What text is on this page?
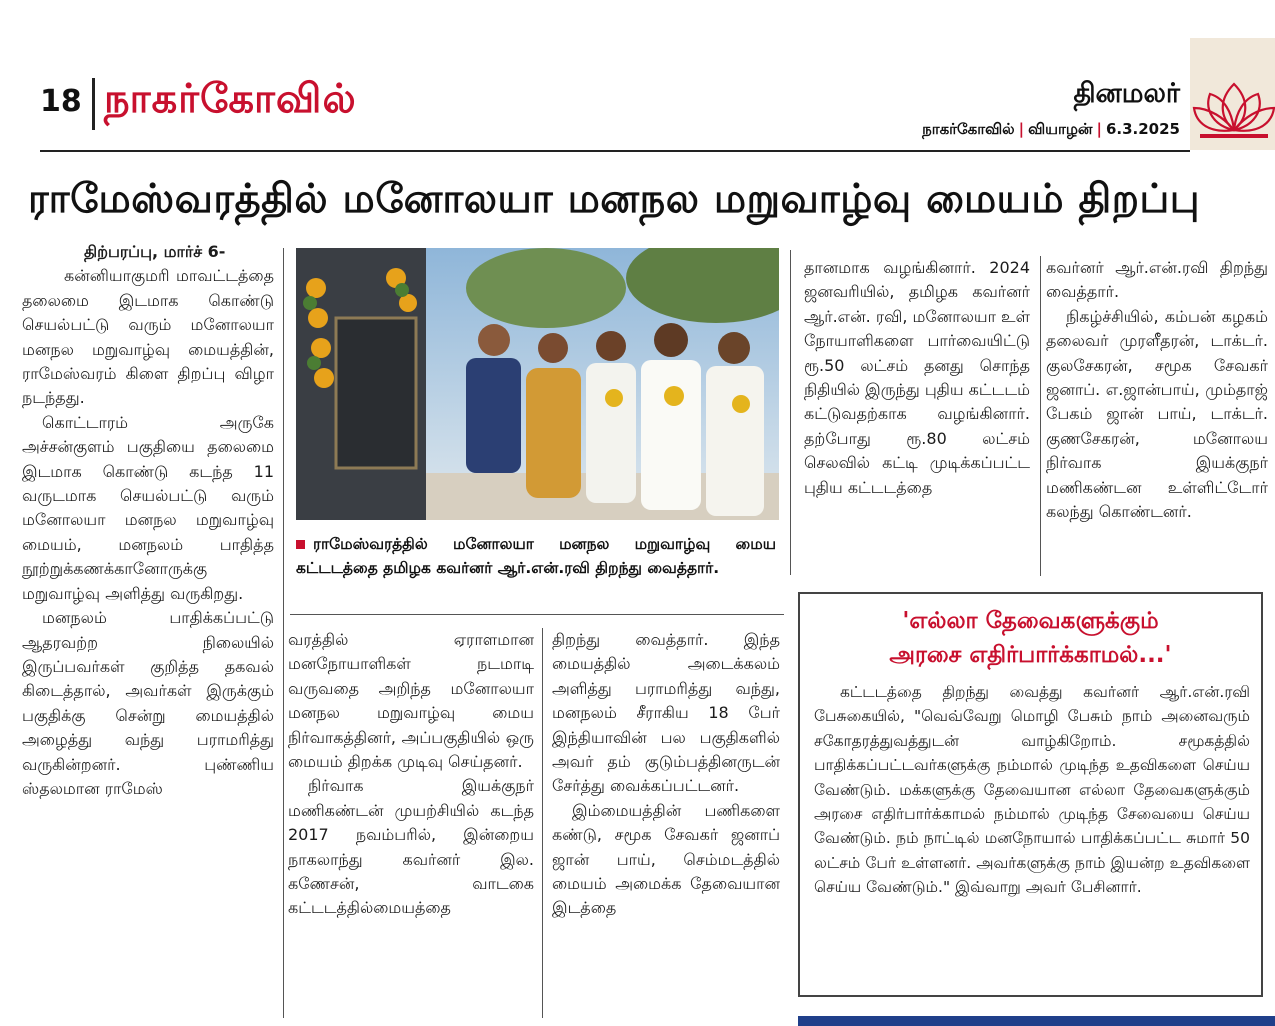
18 நாகர்கோவில்	தினமலர்
நாகர்கோவில் | வியாழன் | 6.3.2025
ராமேஸ்வரத்தில் மனோலயா மனநல மறுவாழ்வு மையம் திறப்பு

திற்பரப்பு, மார்ச் 6-

கன்னியாகுமரி மாவட்டத்தை தலைமை இடமாக கொண்டு செயல்பட்டு வரும் மனோலயா மனநல மறுவாழ்வு மையத்தின், ராமேஸ்வரம் கிளை திறப்பு விழா நடந்தது.

கொட்டாரம் அருகே அச்சன்குளம் பகுதியை தலைமை இடமாக கொண்டு கடந்த 11 வருடமாக செயல்பட்டு வரும் மனோலயா மனநல மறுவாழ்வு மையம், மனநலம் பாதித்த நூற்றுக்கணக்கானோருக்கு மறுவாழ்வு அளித்து வருகிறது.

மனநலம் பாதிக்கப்பட்டு ஆதரவற்ற நிலையில் இருப்பவர்கள் குறித்த தகவல் கிடைத்தால், அவர்கள் இருக்கும் பகுதிக்கு சென்று மையத்தில் அழைத்து வந்து பராமரித்து வருகின்றனர். புண்ணிய ஸ்தலமான ராமேஸ்

ராமேஸ்வரத்தில் மனோலயா மனநல மறுவாழ்வு மைய கட்டடத்தை தமிழக கவர்னர் ஆர்.என்.ரவி திறந்து வைத்தார்.

வரத்தில் ஏராளமான மனநோயாளிகள் நடமாடி வருவதை அறிந்த மனோலயா மனநல மறுவாழ்வு மைய நிர்வாகத்தினர், அப்பகுதியில் ஒரு மையம் திறக்க முடிவு செய்தனர்.

நிர்வாக இயக்குநர் மணிகண்டன் முயற்சியில் கடந்த 2017 நவம்பரில், இன்றைய நாகலாந்து கவர்னர் இல. கணேசன், வாடகை கட்டடத்தில்மையத்தை

திறந்து வைத்தார். இந்த மையத்தில் அடைக்கலம் அளித்து பராமரித்து வந்து, மனநலம் சீராகிய 18 பேர் இந்தியாவின் பல பகுதிகளில் அவர் தம் குடும்பத்தினருடன் சேர்த்து வைக்கப்பட்டனர்.

இம்மையத்தின் பணிகளை கண்டு, சமூக சேவகர் ஜனாப் ஜான் பாய், செம்மடத்தில் மையம் அமைக்க தேவையான இடத்தை

தானமாக வழங்கினார். 2024 ஜனவரியில், தமிழக கவர்னர் ஆர்.என். ரவி, மனோலயா உள் நோயாளிகளை பார்வையிட்டு ரூ.50 லட்சம் தனது சொந்த நிதியில் இருந்து புதிய கட்டடம் கட்டுவதற்காக வழங்கினார். தற்போது ரூ.80 லட்சம் செலவில் கட்டி முடிக்கப்பட்ட புதிய கட்டடத்தை

கவர்னர் ஆர்.என்.ரவி திறந்து வைத்தார்.

நிகழ்ச்சியில், கம்பன் கழகம் தலைவர் முரளீதரன், டாக்டர். குலசேகரன், சமூக சேவகர் ஜனாப். எ.ஜான்பாய், மும்தாஜ் பேகம் ஜான் பாய், டாக்டர். குணசேகரன், மனோலய நிர்வாக இயக்குநர் மணிகண்டன உள்ளிட்டோர் கலந்து கொண்டனர்.

'எல்லா தேவைகளுக்கும்
அரசை எதிர்பார்க்காமல்...'

கட்டடத்தை திறந்து வைத்து கவர்னர் ஆர்.என்.ரவி பேசுகையில், "வெவ்வேறு மொழி பேசும் நாம் அனைவரும் சகோதரத்துவத்துடன் வாழ்கிறோம். சமூகத்தில் பாதிக்கப்பட்டவர்களுக்கு நம்மால் முடிந்த உதவிகளை செய்ய வேண்டும். மக்களுக்கு தேவையான எல்லா தேவைகளுக்கும் அரசை எதிர்பார்க்காமல் நம்மால் முடிந்த சேவையை செய்ய வேண்டும். நம் நாட்டில் மனநோயால் பாதிக்கப்பட்ட சுமார் 50 லட்சம் பேர் உள்ளனர். அவர்களுக்கு நாம் இயன்ற உதவிகளை செய்ய வேண்டும்." இவ்வாறு அவர் பேசினார்.
